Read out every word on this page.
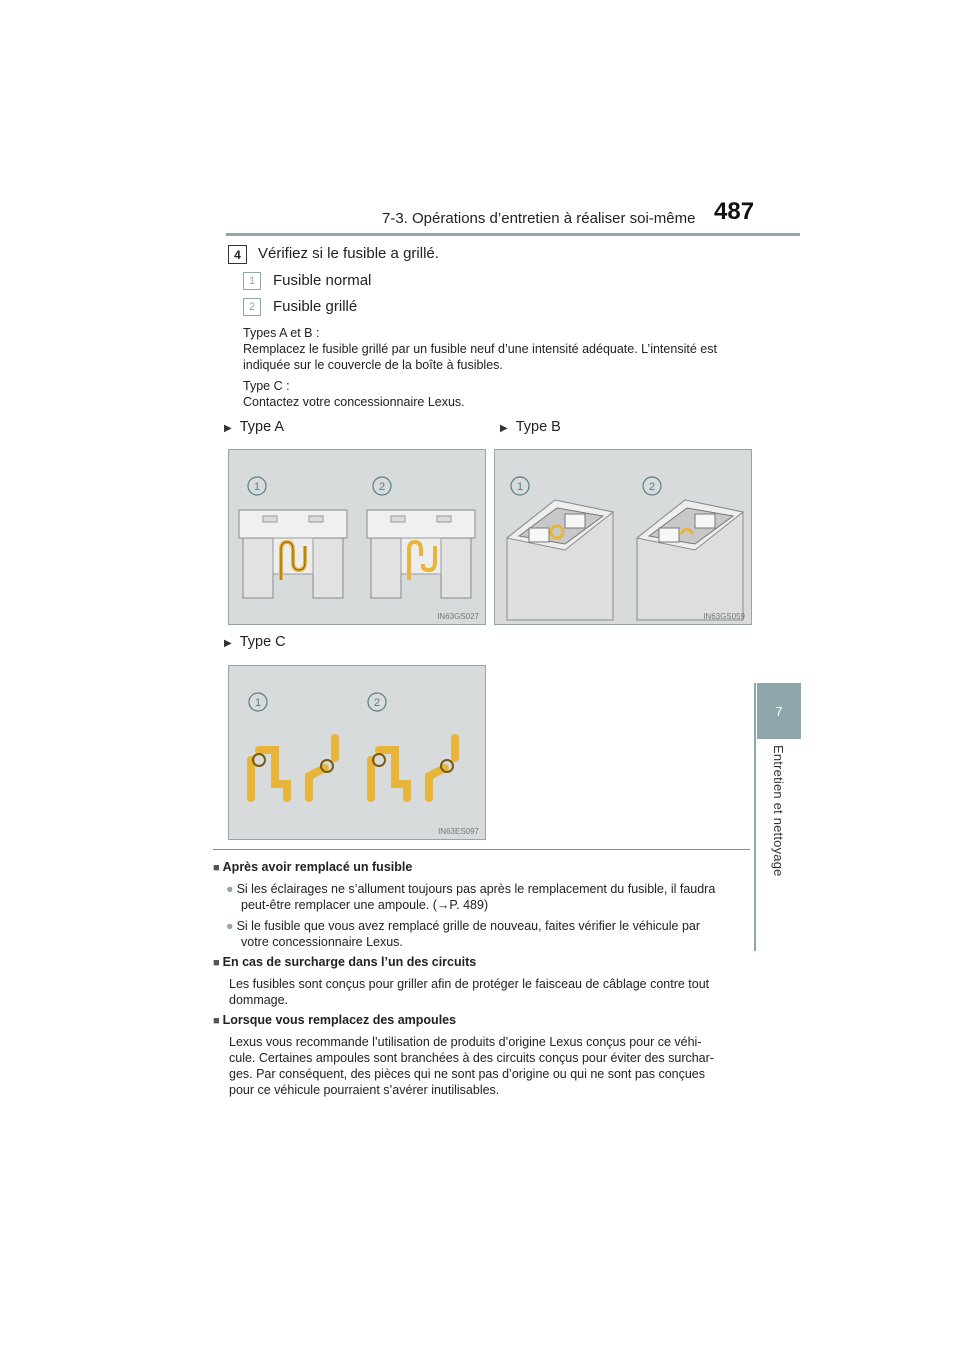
7-3. Opérations d’entretien à réaliser soi-même 487
7
Entretien et nettoyage
4	Vérifiez si le fusible a grillé.
1	Fusible normal
2	Fusible grillé
Types A et B :
Remplacez le fusible grillé par un fusible neuf d’une intensité adéquate. L’intensité est
indiquée sur le couvercle de la boîte à fusibles.
Type C :
Contactez votre concessionnaire Lexus.
▶ Type A	▶ Type B
▶ Type C
1	2
IN63GS027
1	2
IN63GS059
1	2
IN63ES097
■ Après avoir remplacé un fusible
● Si les éclairages ne s’allument toujours pas après le remplacement du fusible, il faudra
peut-être remplacer une ampoule. (→P. 489)
● Si le fusible que vous avez remplacé grille de nouveau, faites vérifier le véhicule par
votre concessionnaire Lexus.
■ En cas de surcharge dans l’un des circuits
Les fusibles sont conçus pour griller afin de protéger le faisceau de câblage contre tout
dommage.
■ Lorsque vous remplacez des ampoules
Lexus vous recommande l’utilisation de produits d’origine Lexus conçus pour ce véhi-
cule. Certaines ampoules sont branchées à des circuits conçus pour éviter des surchar-
ges. Par conséquent, des pièces qui ne sont pas d’origine ou qui ne sont pas conçues
pour ce véhicule pourraient s’avérer inutilisables.
